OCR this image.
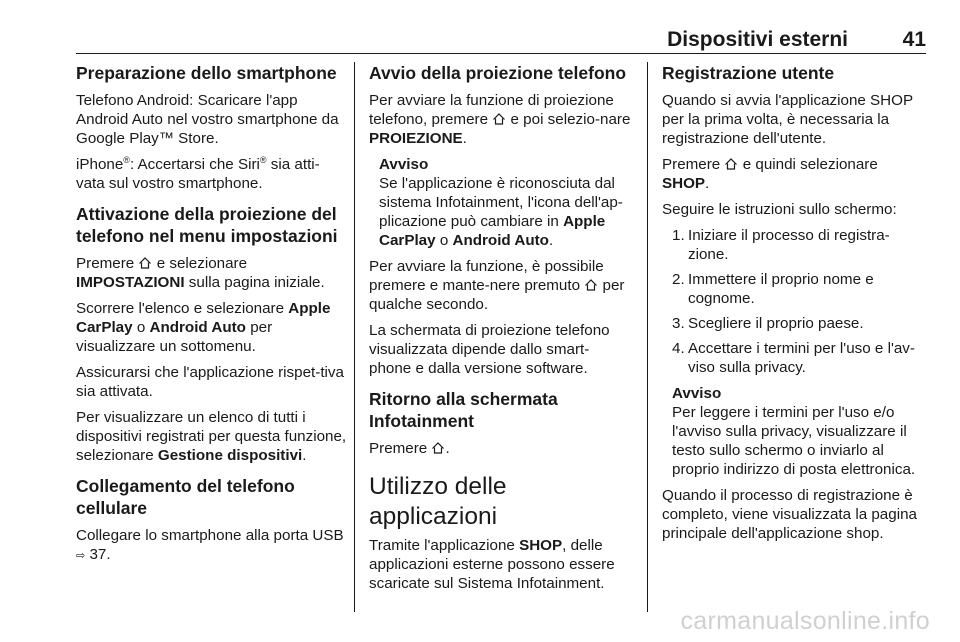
Dispositivi esterni	41
Preparazione dello smartphone

Telefono Android: Scaricare l'app Android Auto nel vostro smartphone da Google Play™ Store.

iPhone®: Accertarsi che Siri® sia atti-vata sul vostro smartphone.

Attivazione della proiezione del telefono nel menu impostazioni

Premere e selezionare IMPOSTAZIONI sulla pagina iniziale.

Scorrere l'elenco e selezionare Apple CarPlay o Android Auto per visualizzare un sottomenu.

Assicurarsi che l'applicazione rispet-tiva sia attivata.

Per visualizzare un elenco di tutti i dispositivi registrati per questa funzione, selezionare Gestione dispositivi.

Collegamento del telefono cellulare

Collegare lo smartphone alla porta USB ⇨ 37.

Avvio della proiezione telefono

Per avviare la funzione di proiezione telefono, premere e poi selezio-nare PROIEZIONE.

Avviso
Se l'applicazione è riconosciuta dal sistema Infotainment, l'icona dell'ap-plicazione può cambiare in Apple CarPlay o Android Auto.

Per avviare la funzione, è possibile premere e mante-nere premuto per qualche secondo.

La schermata di proiezione telefono visualizzata dipende dallo smart-phone e dalla versione software.

Ritorno alla schermata Infotainment

Premere .

Utilizzo delle applicazioni

Tramite l'applicazione SHOP, delle applicazioni esterne possono essere scaricate sul Sistema Infotainment.

Registrazione utente

Quando si avvia l'applicazione SHOP per la prima volta, è necessaria la registrazione dell'utente.

Premere e quindi selezionare SHOP.

Seguire le istruzioni sullo schermo:

1. Iniziare il processo di registra-zione.
2. Immettere il proprio nome e cognome.
3. Scegliere il proprio paese.
4. Accettare i termini per l'uso e l'av-viso sulla privacy.
Avviso
Per leggere i termini per l'uso e/o l'avviso sulla privacy, visualizzare il testo sullo schermo o inviarlo al proprio indirizzo di posta elettronica.

Quando il processo di registrazione è completo, viene visualizzata la pagina principale dell'applicazione shop.

carmanualsonline.info
